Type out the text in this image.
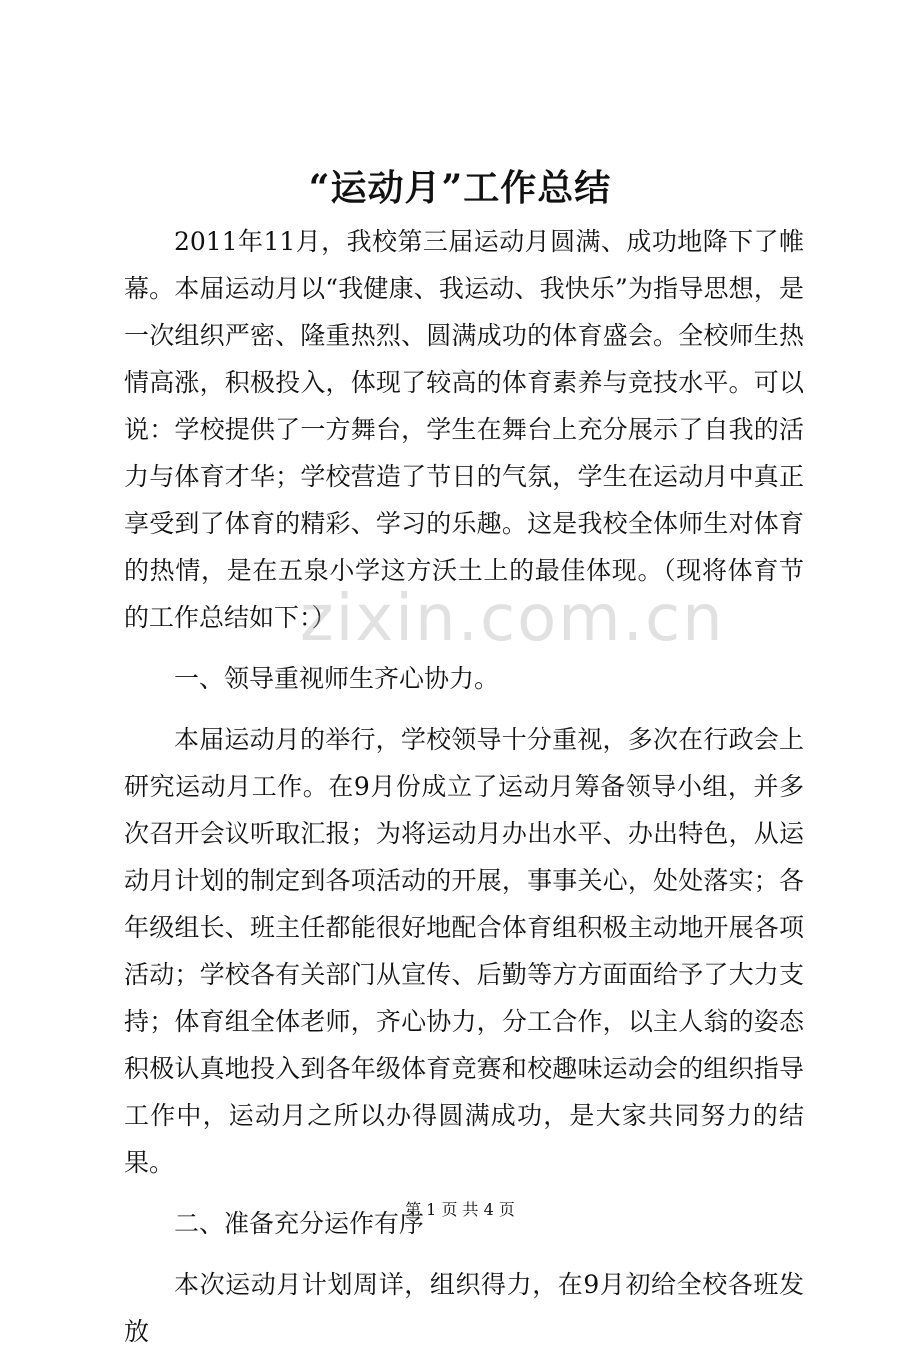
“运动月”工作总结

2011年11月，我校第三届运动月圆满、成功地降下了帷幕。本届运动月以“我健康、我运动、我快乐”为指导思想，是一次组织严密、隆重热烈、圆满成功的体育盛会。全校师生热情高涨，积极投入，体现了较高的体育素养与竞技水平。可以说：学校提供了一方舞台，学生在舞台上充分展示了自我的活力与体育才华；学校营造了节日的气氛，学生在运动月中真正享受到了体育的精彩、学习的乐趣。这是我校全体师生对体育的热情，是在五泉小学这方沃土上的最佳体现。（现将体育节的工作总结如下：）

一、领导重视师生齐心协力。

本届运动月的举行，学校领导十分重视，多次在行政会上研究运动月工作。在9月份成立了运动月筹备领导小组，并多次召开会议听取汇报；为将运动月办出水平、办出特色，从运动月计划的制定到各项活动的开展，事事关心，处处落实；各年级组长、班主任都能很好地配合体育组积极主动地开展各项活动；学校各有关部门从宣传、后勤等方方面面给予了大力支持；体育组全体老师，齐心协力，分工合作，以主人翁的姿态积极认真地投入到各年级体育竞赛和校趣味运动会的组织指导工作中，运动月之所以办得圆满成功，是大家共同努力的结果。

二、准备充分运作有序

本次运动月计划周详，组织得力，在9月初给全校各班发放

zixin.com.cn
第 1 页 共 4 页
